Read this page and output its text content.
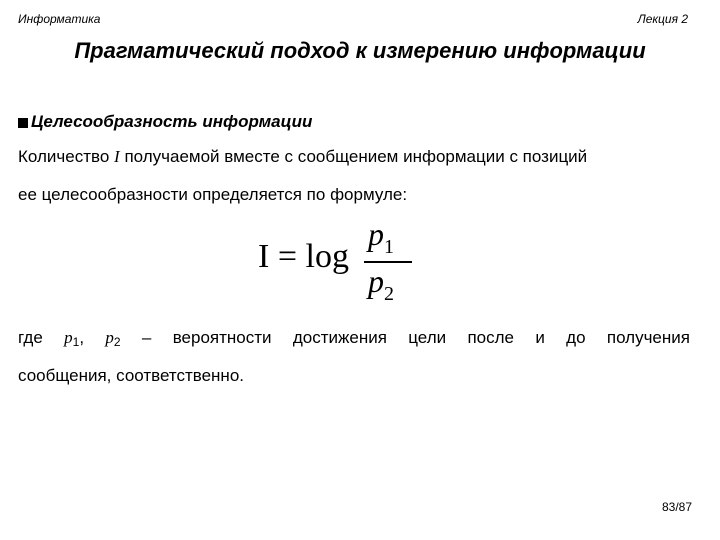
Информатика	Лекция 2
Прагматический подход к измерению информации
Целесообразность информации
Количество I получаемой вместе с сообщением информации с позиций
ее целесообразности определяется по формуле:
I = log
$p_1$
$p_2$
где $p_1$, $p_2$ – вероятности достижения цели после и до получения
сообщения, соответственно.
83/87
